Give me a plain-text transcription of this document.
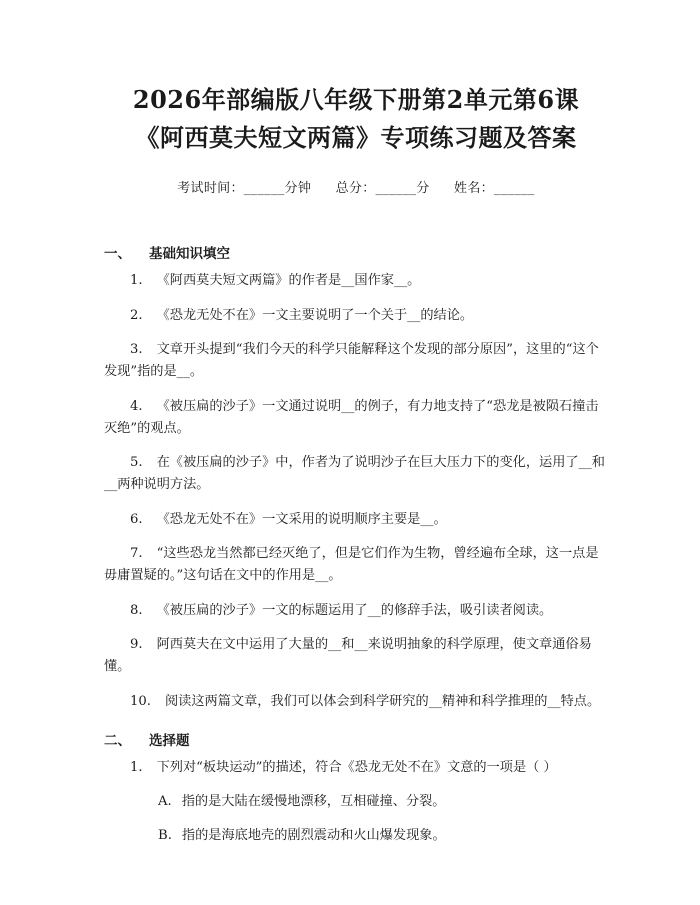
2026年部编版八年级下册第2单元第6课
《阿西莫夫短文两篇》专项练习题及答案
考试时间：______分钟 总分：______分 姓名：______
一、 基础知识填空
1. 《阿西莫夫短文两篇》的作者是__国作家__。
2. 《恐龙无处不在》一文主要说明了一个关于__的结论。
3. 文章开头提到“我们今天的科学只能解释这个发现的部分原因”，这里的“这个发现”指的是__。
4. 《被压扁的沙子》一文通过说明__的例子，有力地支持了“恐龙是被陨石撞击灭绝”的观点。
5. 在《被压扁的沙子》中，作者为了说明沙子在巨大压力下的变化，运用了__和__两种说明方法。
6. 《恐龙无处不在》一文采用的说明顺序主要是__。
7. “这些恐龙当然都已经灭绝了，但是它们作为生物，曾经遍布全球，这一点是毋庸置疑的。”这句话在文中的作用是__。
8. 《被压扁的沙子》一文的标题运用了__的修辞手法，吸引读者阅读。
9. 阿西莫夫在文中运用了大量的__和__来说明抽象的科学原理，使文章通俗易懂。
10. 阅读这两篇文章，我们可以体会到科学研究的__精神和科学推理的__特点。
二、 选择题
1. 下列对“板块运动”的描述，符合《恐龙无处不在》文意的一项是（ ）
A. 指的是大陆在缓慢地漂移，互相碰撞、分裂。
B. 指的是海底地壳的剧烈震动和火山爆发现象。
